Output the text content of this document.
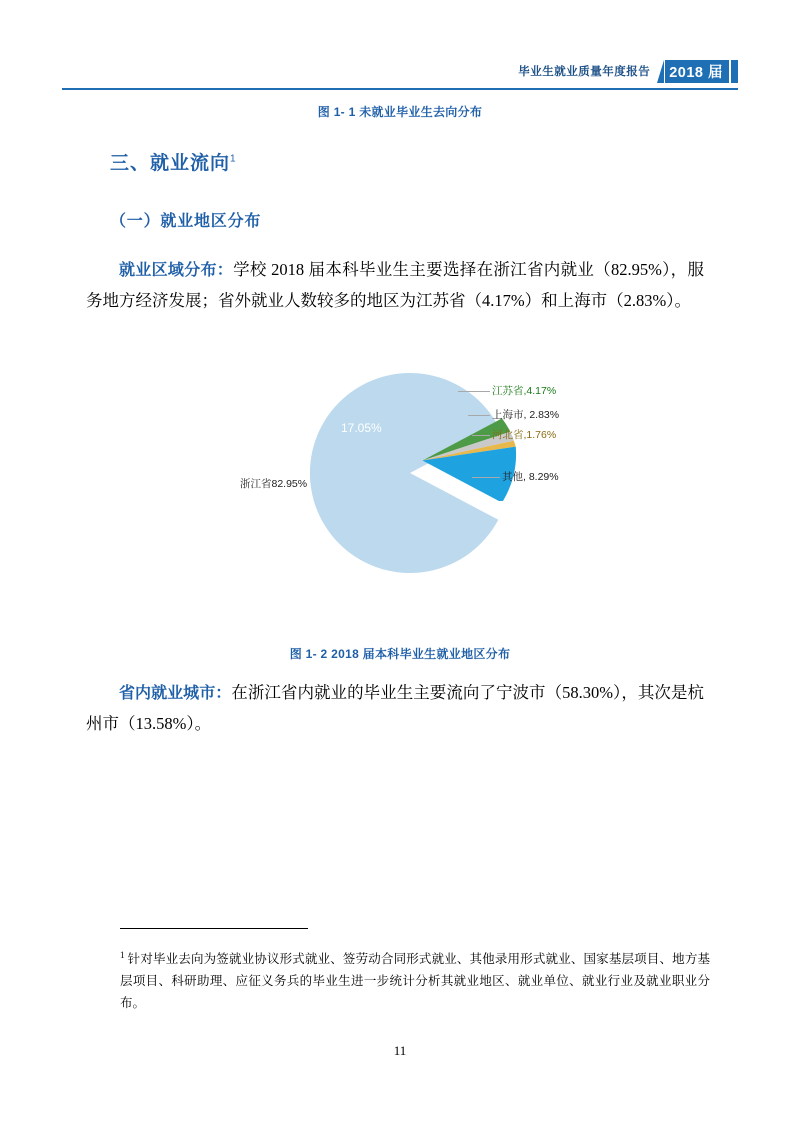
毕业生就业质量年度报告 2018 届
图 1- 1 未就业毕业生去向分布
三、就业流向$^1$
（一）就业地区分布
就业区域分布：学校 2018 届本科毕业生主要选择在浙江省内就业（82.95%），服务地方经济发展；省外就业人数较多的地区为江苏省（4.17%）和上海市（2.83%）。
浙江省82.95%
17.05%
江苏省,4.17%
上海市, 2.83%
河北省,1.76%
其他, 8.29%
图 1- 2 2018 届本科毕业生就业地区分布
省内就业城市：在浙江省内就业的毕业生主要流向了宁波市（58.30%），其次是杭州市（13.58%）。
$^1$ 针对毕业去向为签就业协议形式就业、签劳动合同形式就业、其他录用形式就业、国家基层项目、地方基层项目、科研助理、应征义务兵的毕业生进一步统计分析其就业地区、就业单位、就业行业及就业职业分布。
11
